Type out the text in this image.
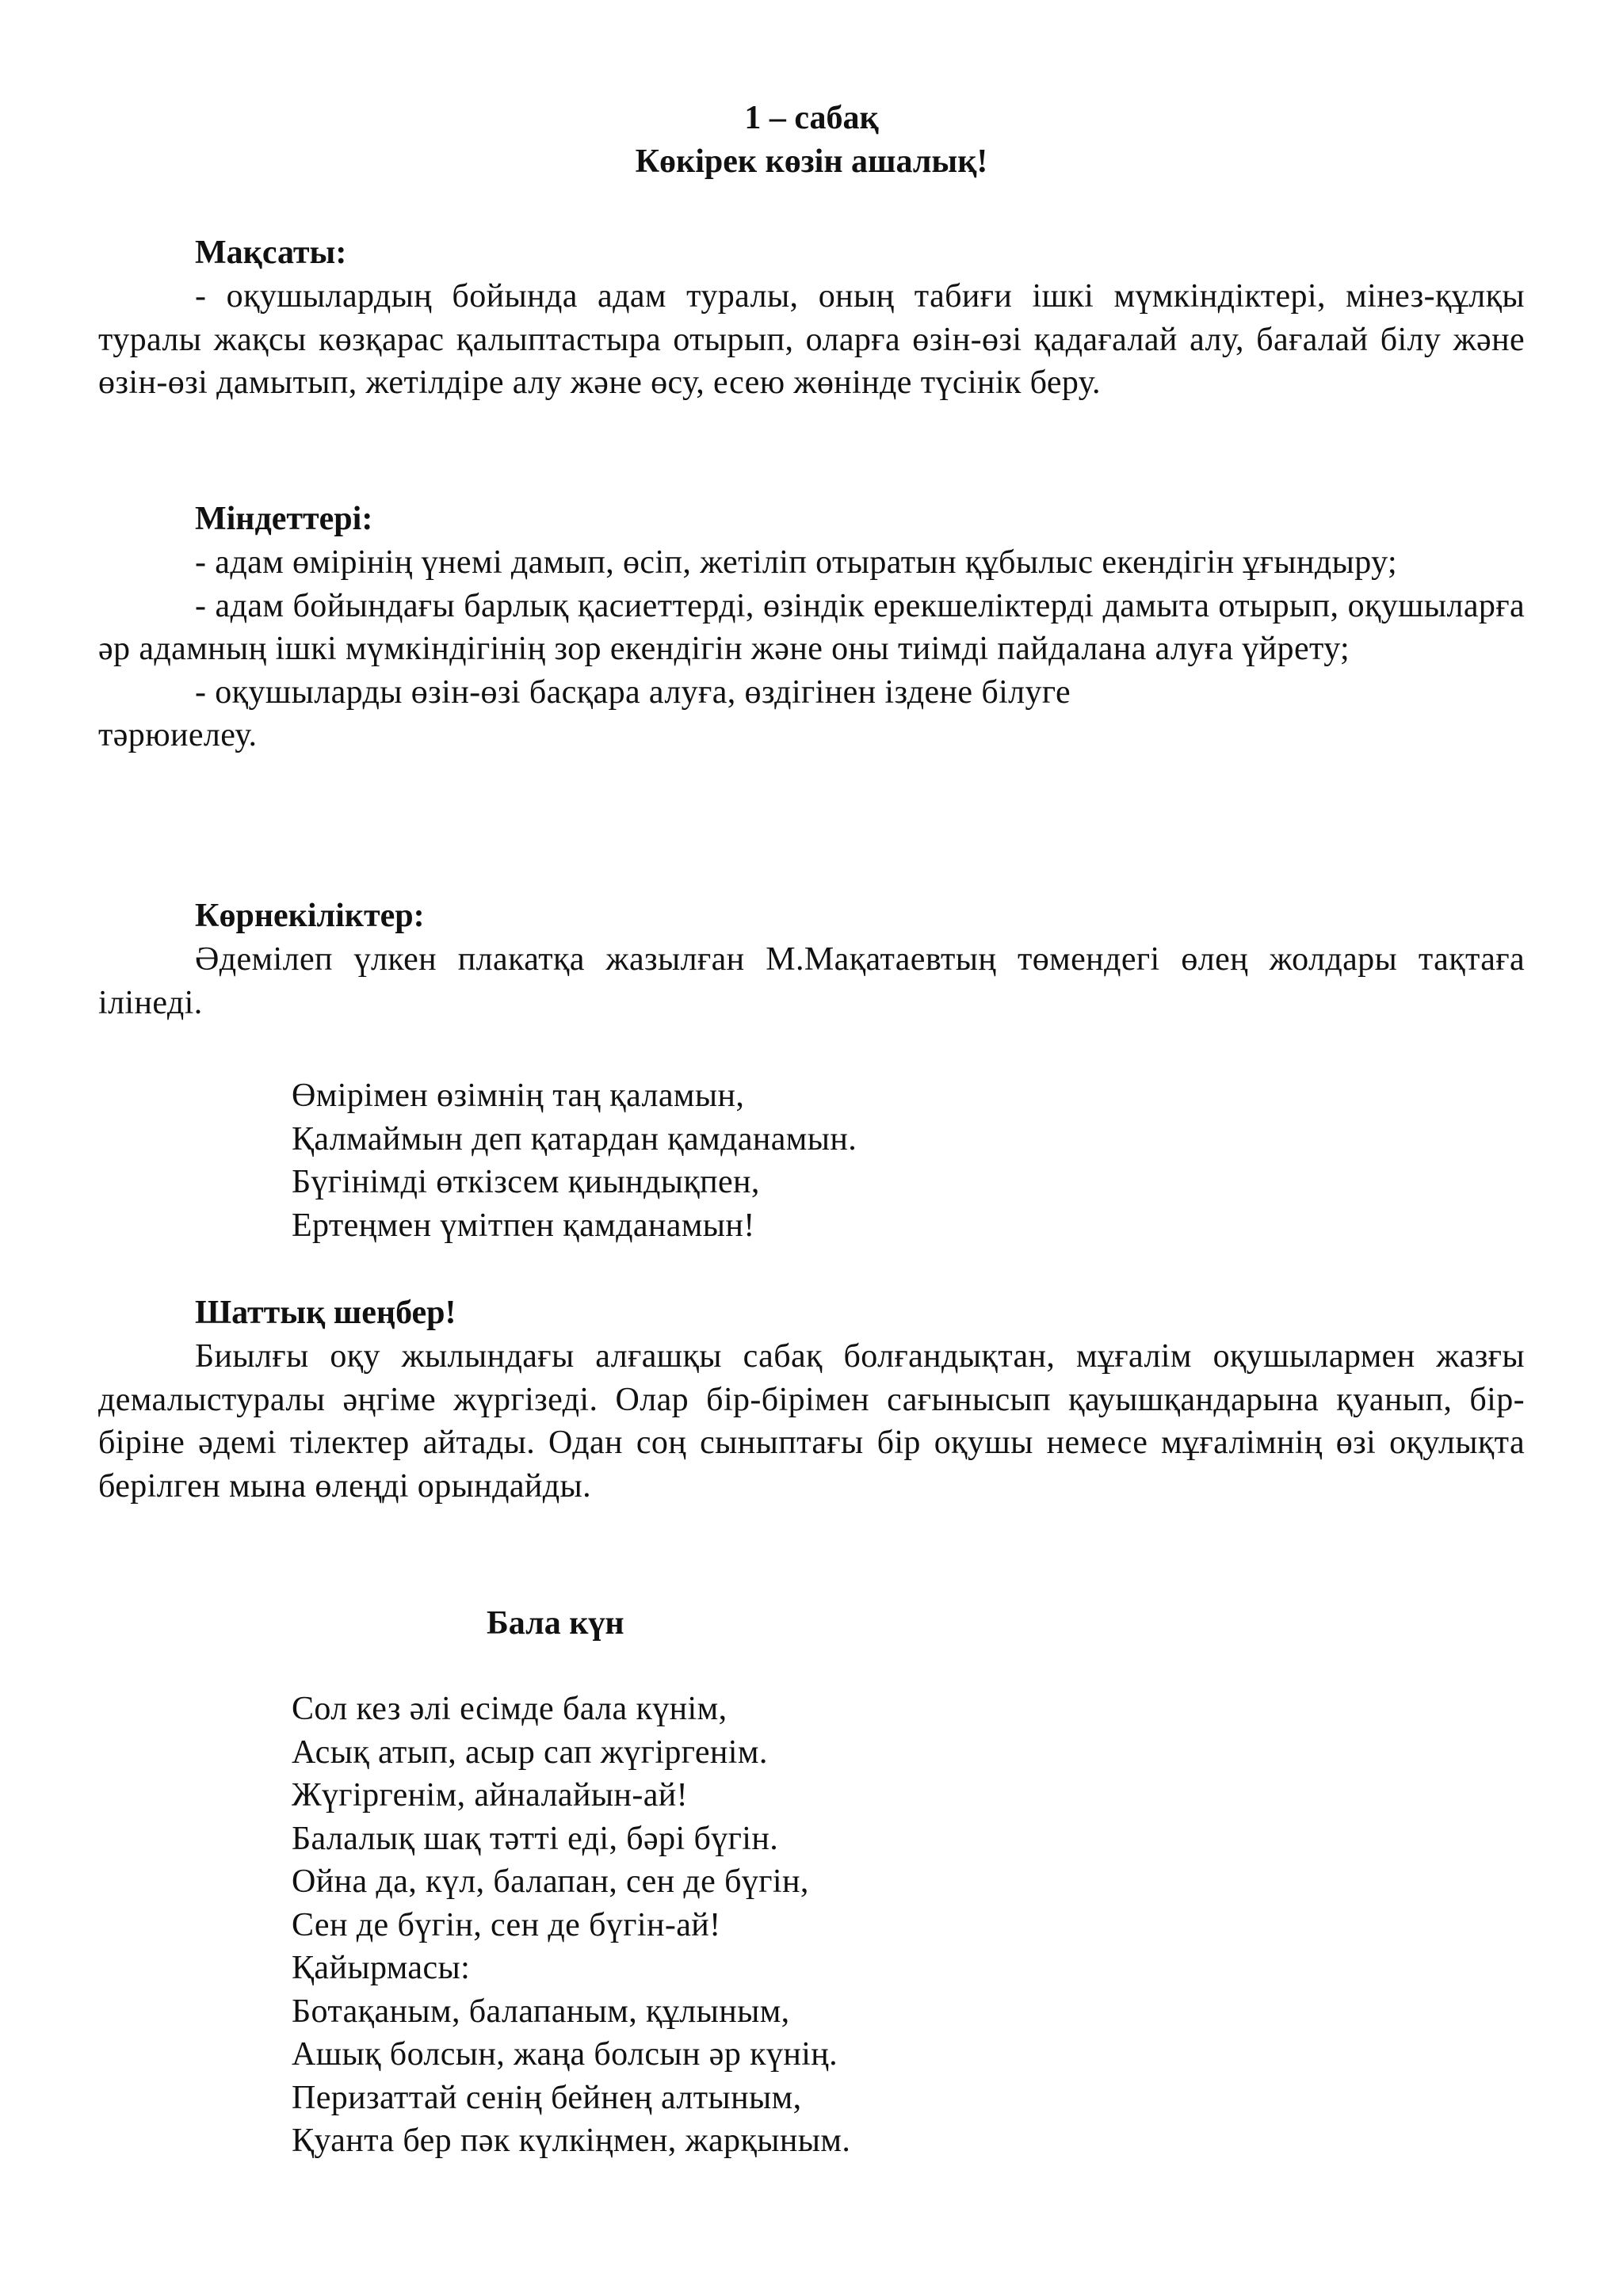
1 – сабақ
Көкірек көзін ашалық!
Мақсаты:

- оқушылардың бойында адам туралы, оның табиғи ішкі мүмкіндіктері, мінез-құлқы туралы жақсы көзқарас қалыптастыра отырып, оларға өзін-өзі қадағалай алу, бағалай білу және өзін-өзі дамытып, жетілдіре алу және өсу, есею жөнінде түсінік беру.

Міндеттері:

- адам өмірінің үнемі дамып, өсіп, жетіліп отыратын құбылыс екендігін ұғындыру;

- адам бойындағы барлық қасиеттерді, өзіндік ерекшеліктерді дамыта отырып, оқушыларға әр адамның ішкі мүмкіндігінің зор екендігін және оны тиімді пайдалана алуға үйрету;

- оқушыларды өзін-өзі басқара алуға, өздігінен іздене білуге

тәрюиелеу.

Көрнекіліктер:

Әдемілеп үлкен плакатқа жазылған М.Мақатаевтың төмендегі өлең жолдары тақтаға ілінеді.

Өмірімен өзімнің таң қаламын,
Қалмаймын деп қатардан қамданамын.
Бүгінімді өткізсем қиындықпен,
Ертеңмен үмітпен қамданамын!
Шаттық шеңбер!

Биылғы оқу жылындағы алғашқы сабақ болғандықтан, мұғалім оқушылармен жазғы демалыстуралы әңгіме жүргізеді. Олар бір-бірімен сағынысып қауышқандарына қуанып, бір-біріне әдемі тілектер айтады. Одан соң сыныптағы бір оқушы немесе мұғалімнің өзі оқулықта берілген мына өлеңді орындайды.

Бала күн
Сол кез әлі есімде бала күнім,
Асық атып, асыр сап жүгіргенім.
Жүгіргенім, айналайын-ай!
Балалық шақ тәтті еді, бәрі бүгін.
Ойна да, күл, балапан, сен де бүгін,
Сен де бүгін, сен де бүгін-ай!
Қайырмасы:
Ботақаным, балапаным, құлыным,
Ашық болсын, жаңа болсын әр күнің.
Перизаттай сенің бейнең алтыным,
Қуанта бер пәк күлкіңмен, жарқыным.
